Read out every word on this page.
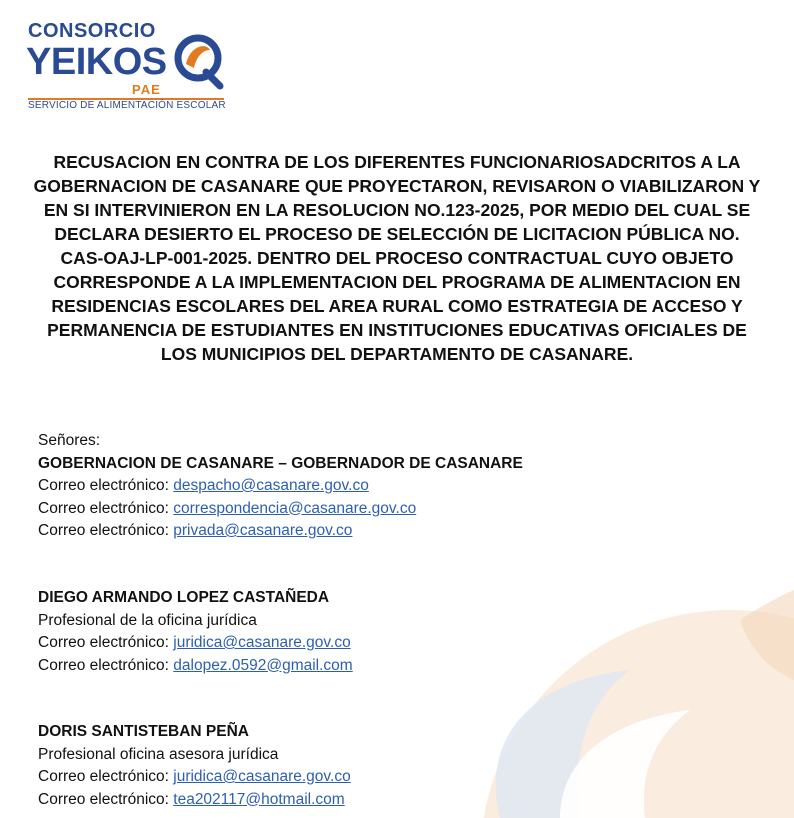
CONSORCIO
YEIKOS
PAE
SERVICIO DE ALIMENTACIÓN ESCOLAR

RECUSACION EN CONTRA DE LOS DIFERENTES FUNCIONARIOSADCRITOS A LA GOBERNACION DE CASANARE QUE PROYECTARON, REVISARON O VIABILIZARON Y EN SI INTERVINIERON EN LA RESOLUCION NO.123-2025, POR MEDIO DEL CUAL SE DECLARA DESIERTO EL PROCESO DE SELECCIÓN DE LICITACION PÚBLICA NO. CAS-OAJ-LP-001-2025. DENTRO DEL PROCESO CONTRACTUAL CUYO OBJETO CORRESPONDE A LA IMPLEMENTACION DEL PROGRAMA DE ALIMENTACION EN RESIDENCIAS ESCOLARES DEL AREA RURAL COMO ESTRATEGIA DE ACCESO Y PERMANENCIA DE ESTUDIANTES EN INSTITUCIONES EDUCATIVAS OFICIALES DE LOS MUNICIPIOS DEL DEPARTAMENTO DE CASANARE.

Señores:

GOBERNACION DE CASANARE – GOBERNADOR DE CASANARE

Correo electrónico: despacho@casanare.gov.co

Correo electrónico: correspondencia@casanare.gov.co

Correo electrónico: privada@casanare.gov.co

DIEGO ARMANDO LOPEZ CASTAÑEDA

Profesional de la oficina jurídica

Correo electrónico: juridica@casanare.gov.co

Correo electrónico: dalopez.0592@gmail.com

DORIS SANTISTEBAN PEÑA

Profesional oficina asesora jurídica

Correo electrónico: juridica@casanare.gov.co

Correo electrónico: tea202117@hotmail.com
